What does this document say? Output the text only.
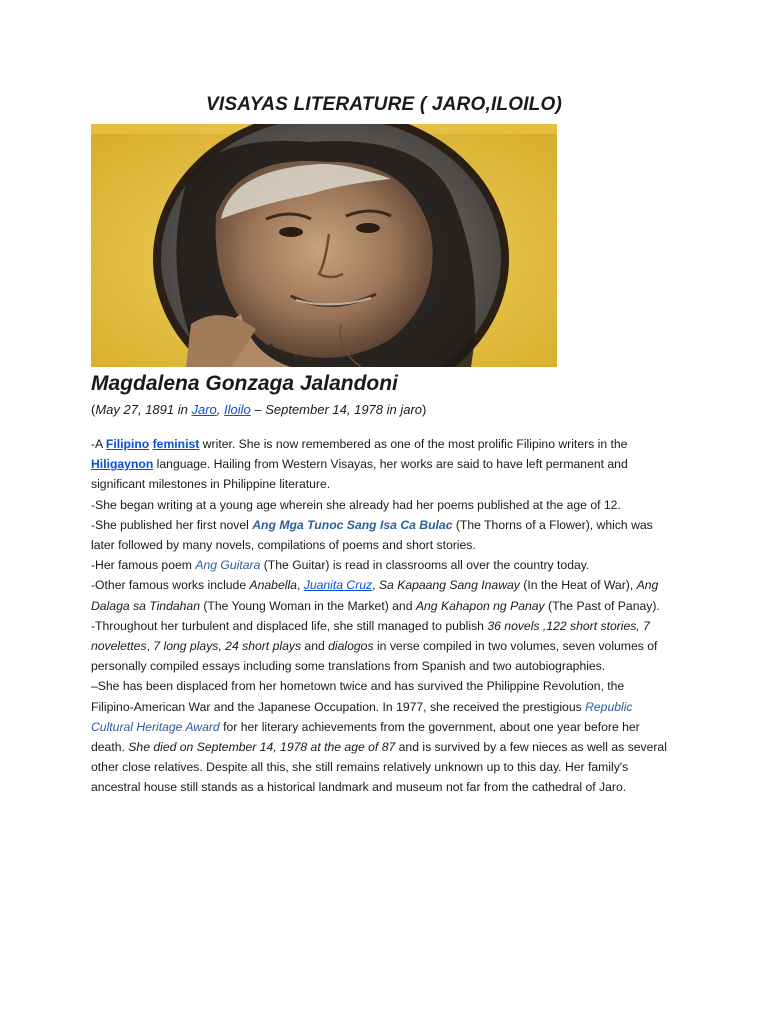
VISAYAS LITERATURE ( JARO,ILOILO)
Magdalena Gonzaga Jalandoni
(May 27, 1891 in Jaro, Iloilo – September 14, 1978 in jaro)
-A Filipino feminist writer. She is now remembered as one of the most prolific Filipino writers in the
Hiligaynon language. Hailing from Western Visayas, her works are said to have left permanent and
significant milestones in Philippine literature.
-She began writing at a young age wherein she already had her poems published at the age of 12.
-She published her first novel Ang Mga Tunoc Sang Isa Ca Bulac (The Thorns of a Flower), which was
later followed by many novels, compilations of poems and short stories.
-Her famous poem Ang Guitara (The Guitar) is read in classrooms all over the country today.
-Other famous works include Anabella, Juanita Cruz, Sa Kapaang Sang Inaway (In the Heat of War), Ang
Dalaga sa Tindahan (The Young Woman in the Market) and Ang Kahapon ng Panay (The Past of Panay).
-Throughout her turbulent and displaced life, she still managed to publish 36 novels ,122 short stories, 7
novelettes, 7 long plays, 24 short plays and dialogos in verse compiled in two volumes, seven volumes of
personally compiled essays including some translations from Spanish and two autobiographies.
–She has been displaced from her hometown twice and has survived the Philippine Revolution, the
Filipino-American War and the Japanese Occupation. In 1977, she received the prestigious Republic
Cultural Heritage Award for her literary achievements from the government, about one year before her
death. She died on September 14, 1978 at the age of 87 and is survived by a few nieces as well as several
other close relatives. Despite all this, she still remains relatively unknown up to this day. Her family's
ancestral house still stands as a historical landmark and museum not far from the cathedral of Jaro.
